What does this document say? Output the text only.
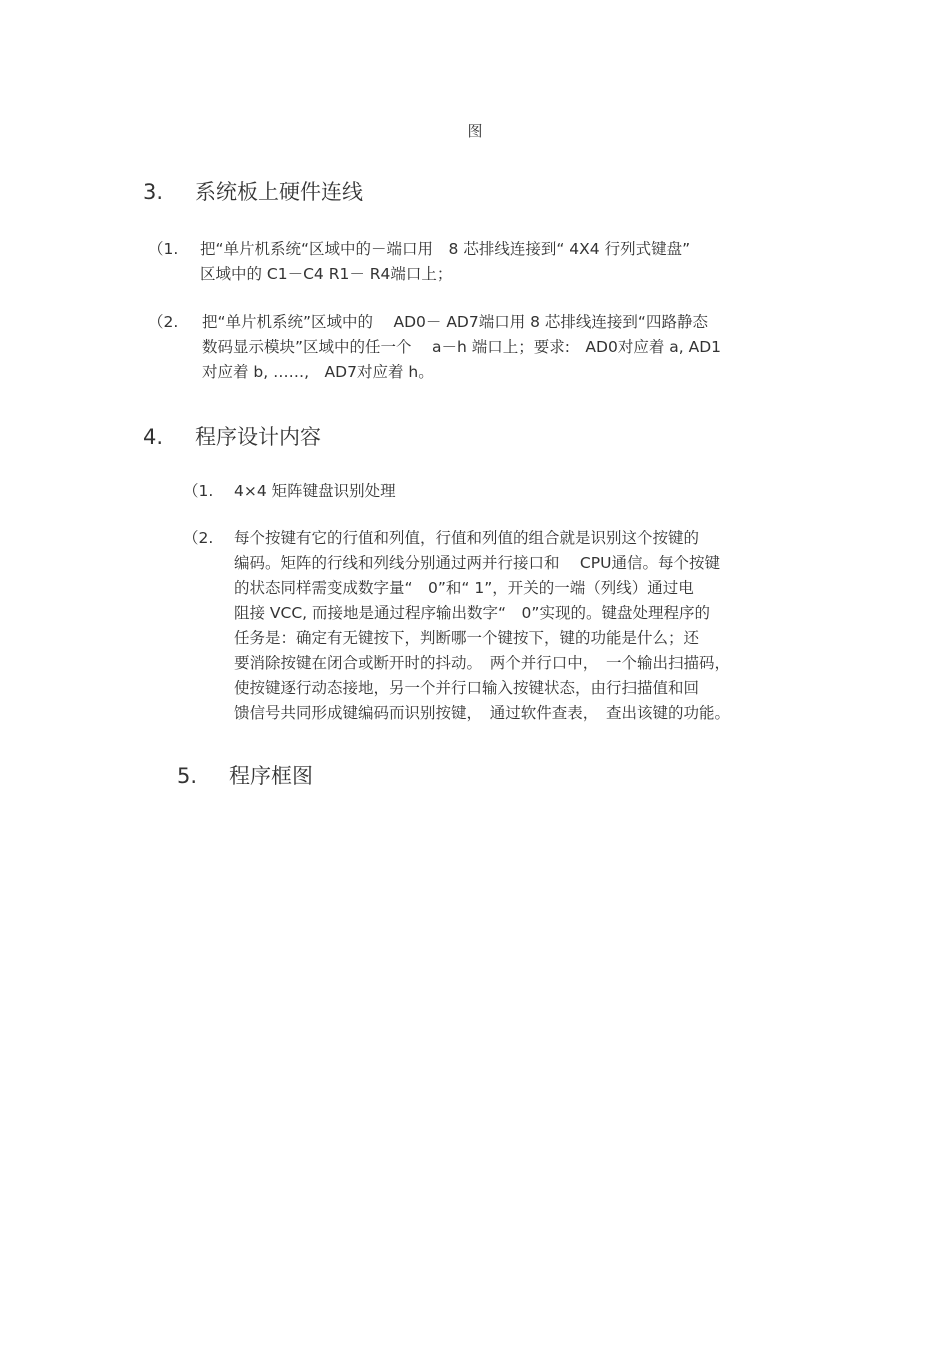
图
3. 系统板上硬件连线
（1. 把“单片机系统“区域中的－端口用　8 芯排线连接到“ 4X4 行列式键盘”

区域中的 C1－C4 R1－ R4端口上；

（2. 把“单片机系统”区域中的　 AD0－ AD7端口用 8 芯排线连接到“四路静态

数码显示模块”区域中的任一个　 a－h 端口上；要求:　AD0对应着 a, AD1

对应着 b, ……,　AD7对应着 h。

4. 程序设计内容
（1. 4×4 矩阵键盘识别处理

（2. 每个按键有它的行值和列值，行值和列值的组合就是识别这个按键的

编码。矩阵的行线和列线分别通过两并行接口和　 CPU通信。每个按键

的状态同样需变成数字量“　0”和“ 1”，开关的一端（列线）通过电

阻接 VCC, 而接地是通过程序输出数字“　0”实现的。键盘处理程序的

任务是：确定有无键按下，判断哪一个键按下，键的功能是什么；还

要消除按键在闭合或断开时的抖动。　两个并行口中，　一个输出扫描码，

使按键逐行动态接地，另一个并行口输入按键状态，由行扫描值和回

馈信号共同形成键编码而识别按键，　通过软件查表，　查出该键的功能。

5. 程序框图
